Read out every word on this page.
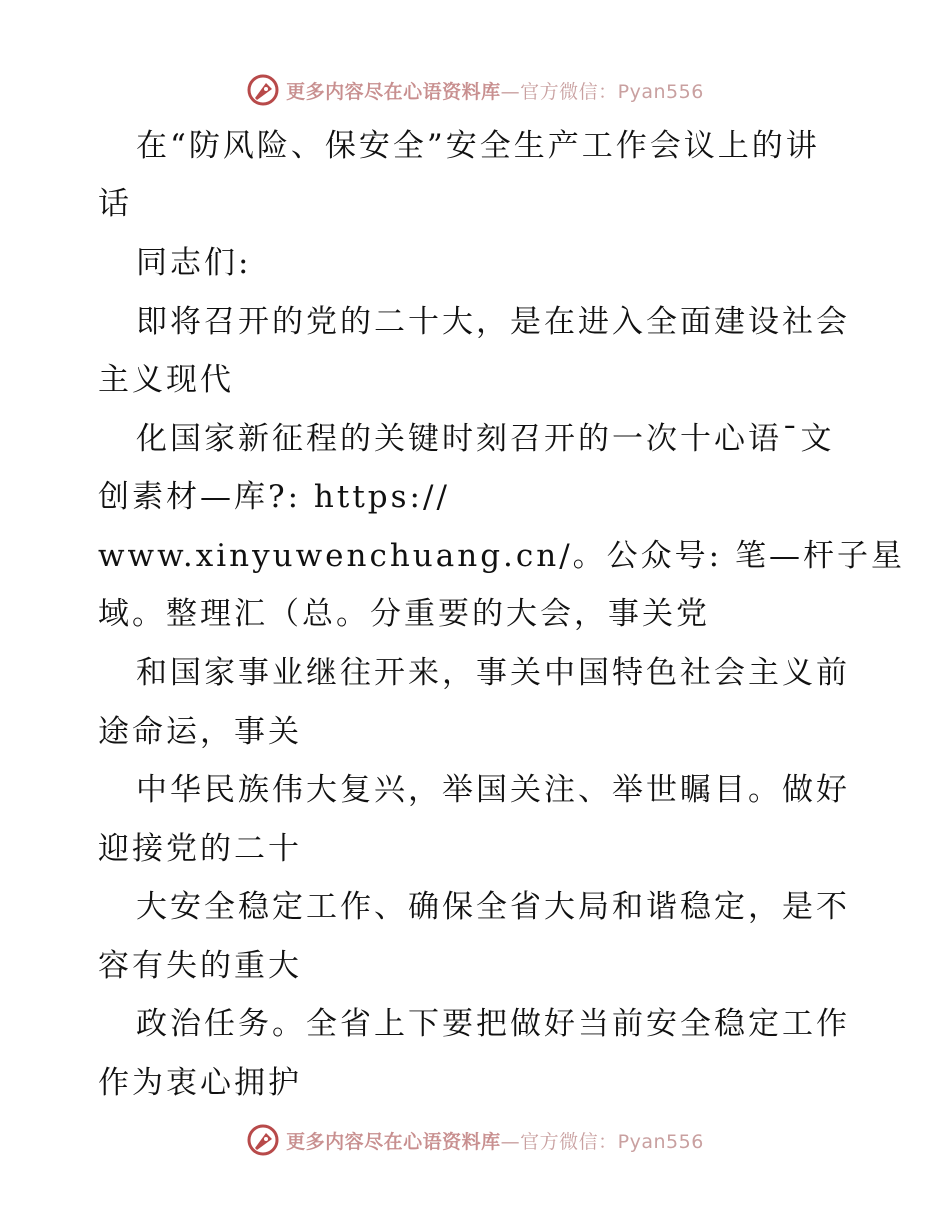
更多内容尽在心语资料库—官方微信：Pyan556
在“防风险、保安全”安全生产工作会议上的讲
话
同志们:
即将召开的党的二十大，是在进入全面建设社会
主义现代
化国家新征程的关键时刻召开的一次十心语ˉ文
创素材—库?: https://
www.xinyuwenchuang.cn/。公众号: 笔—杆子星
域。整理汇（总。分重要的大会，事关党
和国家事业继往开来，事关中国特色社会主义前
途命运，事关
中华民族伟大复兴，举国关注、举世瞩目。做好
迎接党的二十
大安全稳定工作、确保全省大局和谐稳定，是不
容有失的重大
政治任务。全省上下要把做好当前安全稳定工作
作为衷心拥护
更多内容尽在心语资料库—官方微信：Pyan556
